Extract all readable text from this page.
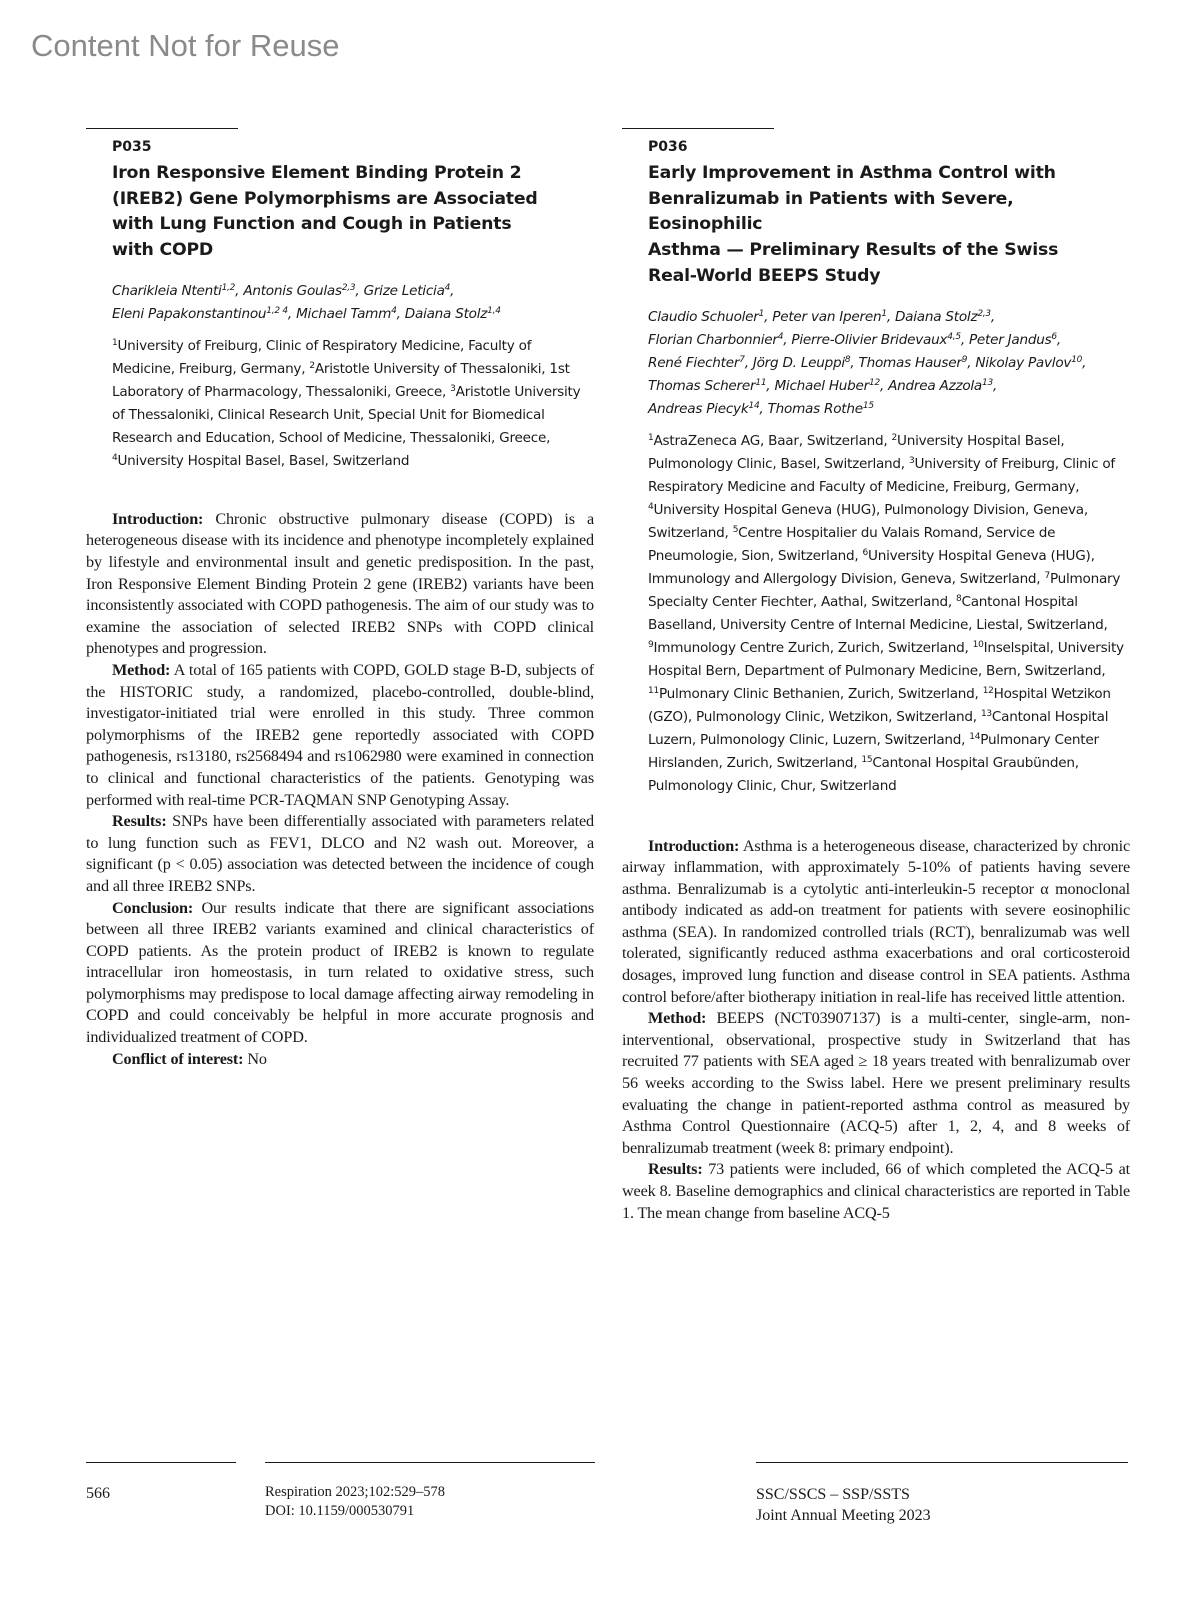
Content Not for Reuse
P035
Iron Responsive Element Binding Protein 2
(IREB2) Gene Polymorphisms are Associated
with Lung Function and Cough in Patients
with COPD
Charikleia Ntenti$^{1,2}$, Antonis Goulas$^{2,3}$, Grize Leticia$^4$,
Eleni Papakonstantinou$^{1,2 4}$, Michael Tamm$^4$, Daiana Stolz$^{1,4}$
$^1$University of Freiburg, Clinic of Respiratory Medicine, Faculty of Medicine, Freiburg, Germany, $^2$Aristotle University of Thessaloniki, 1st Laboratory of Pharmacology, Thessaloniki, Greece, $^3$Aristotle University of Thessaloniki, Clinical Research Unit, Special Unit for Biomedical Research and Education, School of Medicine, Thessaloniki, Greece, $^4$University Hospital Basel, Basel, Switzerland

Introduction: Chronic obstructive pulmonary disease (COPD) is a heterogeneous disease with its incidence and phenotype incompletely explained by lifestyle and environmental insult and genetic predisposition. In the past, Iron Responsive Element Binding Protein 2 gene (IREB2) variants have been inconsistently associated with COPD pathogenesis. The aim of our study was to examine the association of selected IREB2 SNPs with COPD clinical phenotypes and progression.

Method: A total of 165 patients with COPD, GOLD stage B-D, subjects of the HISTORIC study, a randomized, placebo-controlled, double-blind, investigator-initiated trial were enrolled in this study. Three common polymorphisms of the IREB2 gene reportedly associated with COPD pathogenesis, rs13180, rs2568494 and rs1062980 were examined in connection to clinical and functional characteristics of the patients. Genotyping was performed with real-time PCR-TAQMAN SNP Genotyping Assay.

Results: SNPs have been differentially associated with parameters related to lung function such as FEV1, DLCO and N2 wash out. Moreover, a significant (p < 0.05) association was detected between the incidence of cough and all three IREB2 SNPs.

Conclusion: Our results indicate that there are significant associations between all three IREB2 variants examined and clinical characteristics of COPD patients. As the protein product of IREB2 is known to regulate intracellular iron homeostasis, in turn related to oxidative stress, such polymorphisms may predispose to local damage affecting airway remodeling in COPD and could conceivably be helpful in more accurate prognosis and individualized treatment of COPD.

Conflict of interest: No

P036
Early Improvement in Asthma Control with
Benralizumab in Patients with Severe, Eosinophilic
Asthma — Preliminary Results of the Swiss
Real-World BEEPS Study
Claudio Schuoler$^1$, Peter van Iperen$^1$, Daiana Stolz$^{2,3}$,
Florian Charbonnier$^4$, Pierre-Olivier Bridevaux$^{4,5}$, Peter Jandus$^6$,
René Fiechter$^7$, Jörg D. Leuppi$^8$, Thomas Hauser$^9$, Nikolay Pavlov$^{10}$,
Thomas Scherer$^{11}$, Michael Huber$^{12}$, Andrea Azzola$^{13}$,
Andreas Piecyk$^{14}$, Thomas Rothe$^{15}$
$^1$AstraZeneca AG, Baar, Switzerland, $^2$University Hospital Basel, Pulmonology Clinic, Basel, Switzerland, $^3$University of Freiburg, Clinic of Respiratory Medicine and Faculty of Medicine, Freiburg, Germany, $^4$University Hospital Geneva (HUG), Pulmonology Division, Geneva, Switzerland, $^5$Centre Hospitalier du Valais Romand, Service de Pneumologie, Sion, Switzerland, $^6$University Hospital Geneva (HUG), Immunology and Allergology Division, Geneva, Switzerland, $^7$Pulmonary Specialty Center Fiechter, Aathal, Switzerland, $^8$Cantonal Hospital Baselland, University Centre of Internal Medicine, Liestal, Switzerland, $^9$Immunology Centre Zurich, Zurich, Switzerland, $^{10}$Inselspital, University Hospital Bern, Department of Pulmonary Medicine, Bern, Switzerland, $^{11}$Pulmonary Clinic Bethanien, Zurich, Switzerland, $^{12}$Hospital Wetzikon (GZO), Pulmonology Clinic, Wetzikon, Switzerland, $^{13}$Cantonal Hospital Luzern, Pulmonology Clinic, Luzern, Switzerland, $^{14}$Pulmonary Center Hirslanden, Zurich, Switzerland, $^{15}$Cantonal Hospital Graubünden, Pulmonology Clinic, Chur, Switzerland

Introduction: Asthma is a heterogeneous disease, characterized by chronic airway inflammation, with approximately 5-10% of patients having severe asthma. Benralizumab is a cytolytic anti-interleukin-5 receptor α monoclonal antibody indicated as add-on treatment for patients with severe eosinophilic asthma (SEA). In randomized controlled trials (RCT), benralizumab was well tolerated, significantly reduced asthma exacerbations and oral corticosteroid dosages, improved lung function and disease control in SEA patients. Asthma control before/after biotherapy initiation in real-life has received little attention.

Method: BEEPS (NCT03907137) is a multi-center, single-arm, non-interventional, observational, prospective study in Switzerland that has recruited 77 patients with SEA aged ≥ 18 years treated with benralizumab over 56 weeks according to the Swiss label. Here we present preliminary results evaluating the change in patient-reported asthma control as measured by Asthma Control Questionnaire (ACQ-5) after 1, 2, 4, and 8 weeks of benralizumab treatment (week 8: primary endpoint).

Results: 73 patients were included, 66 of which completed the ACQ-5 at week 8. Baseline demographics and clinical characteristics are reported in Table 1. The mean change from baseline ACQ-5

566	Respiration 2023;102:529–578
DOI: 10.1159/000530791
SSC/SSCS – SSP/SSTS
Joint Annual Meeting 2023
